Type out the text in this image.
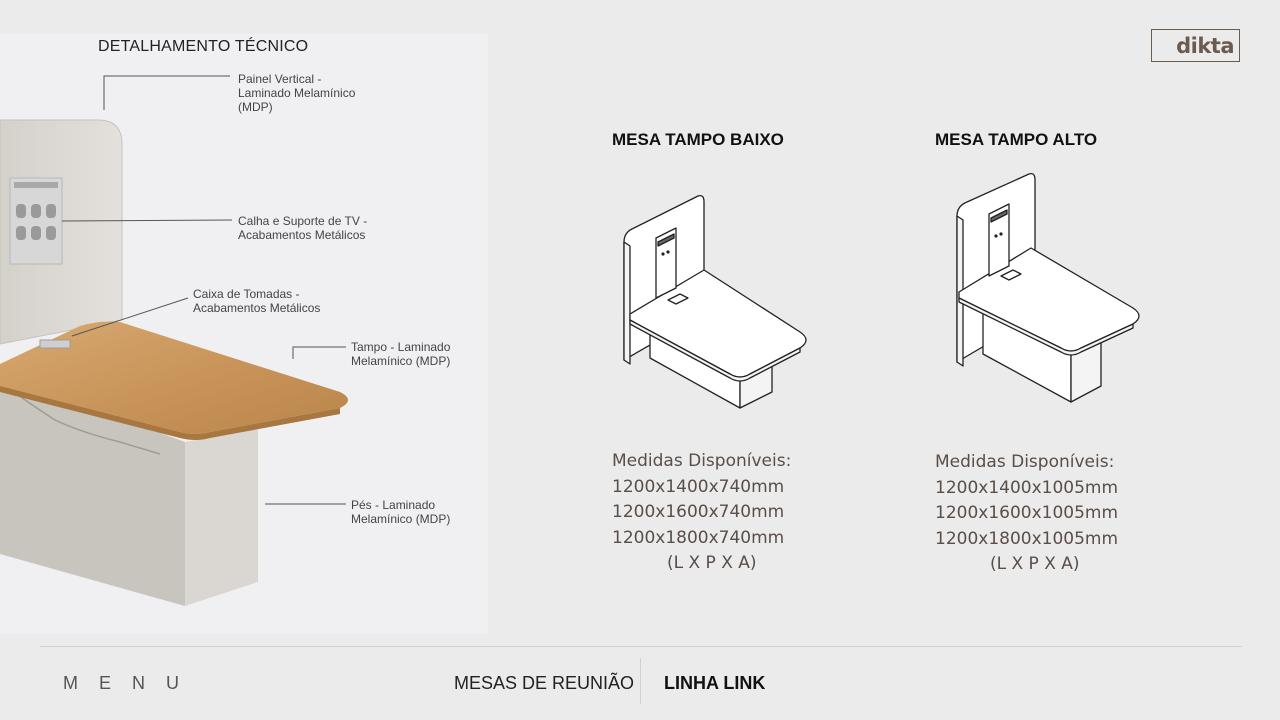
DETALHAMENTO TÉCNICO
Painel Vertical -
Laminado Melamínico
(MDP)
Calha e Suporte de TV -
Acabamentos Metálicos
Caixa de Tomadas -
Acabamentos Metálicos
Tampo - Laminado
Melamínico (MDP)
Pés - Laminado
Melamínico (MDP)
dikta
MESA TAMPO BAIXO
Medidas Disponíveis:
1200x1400x740mm
1200x1600x740mm
1200x1800x740mm
(L X P X A)
MESA TAMPO ALTO
Medidas Disponíveis:
1200x1400x1005mm
1200x1600x1005mm
1200x1800x1005mm
(L X P X A)
M E N U	MESAS DE REUNIÃO LINHA LINK
